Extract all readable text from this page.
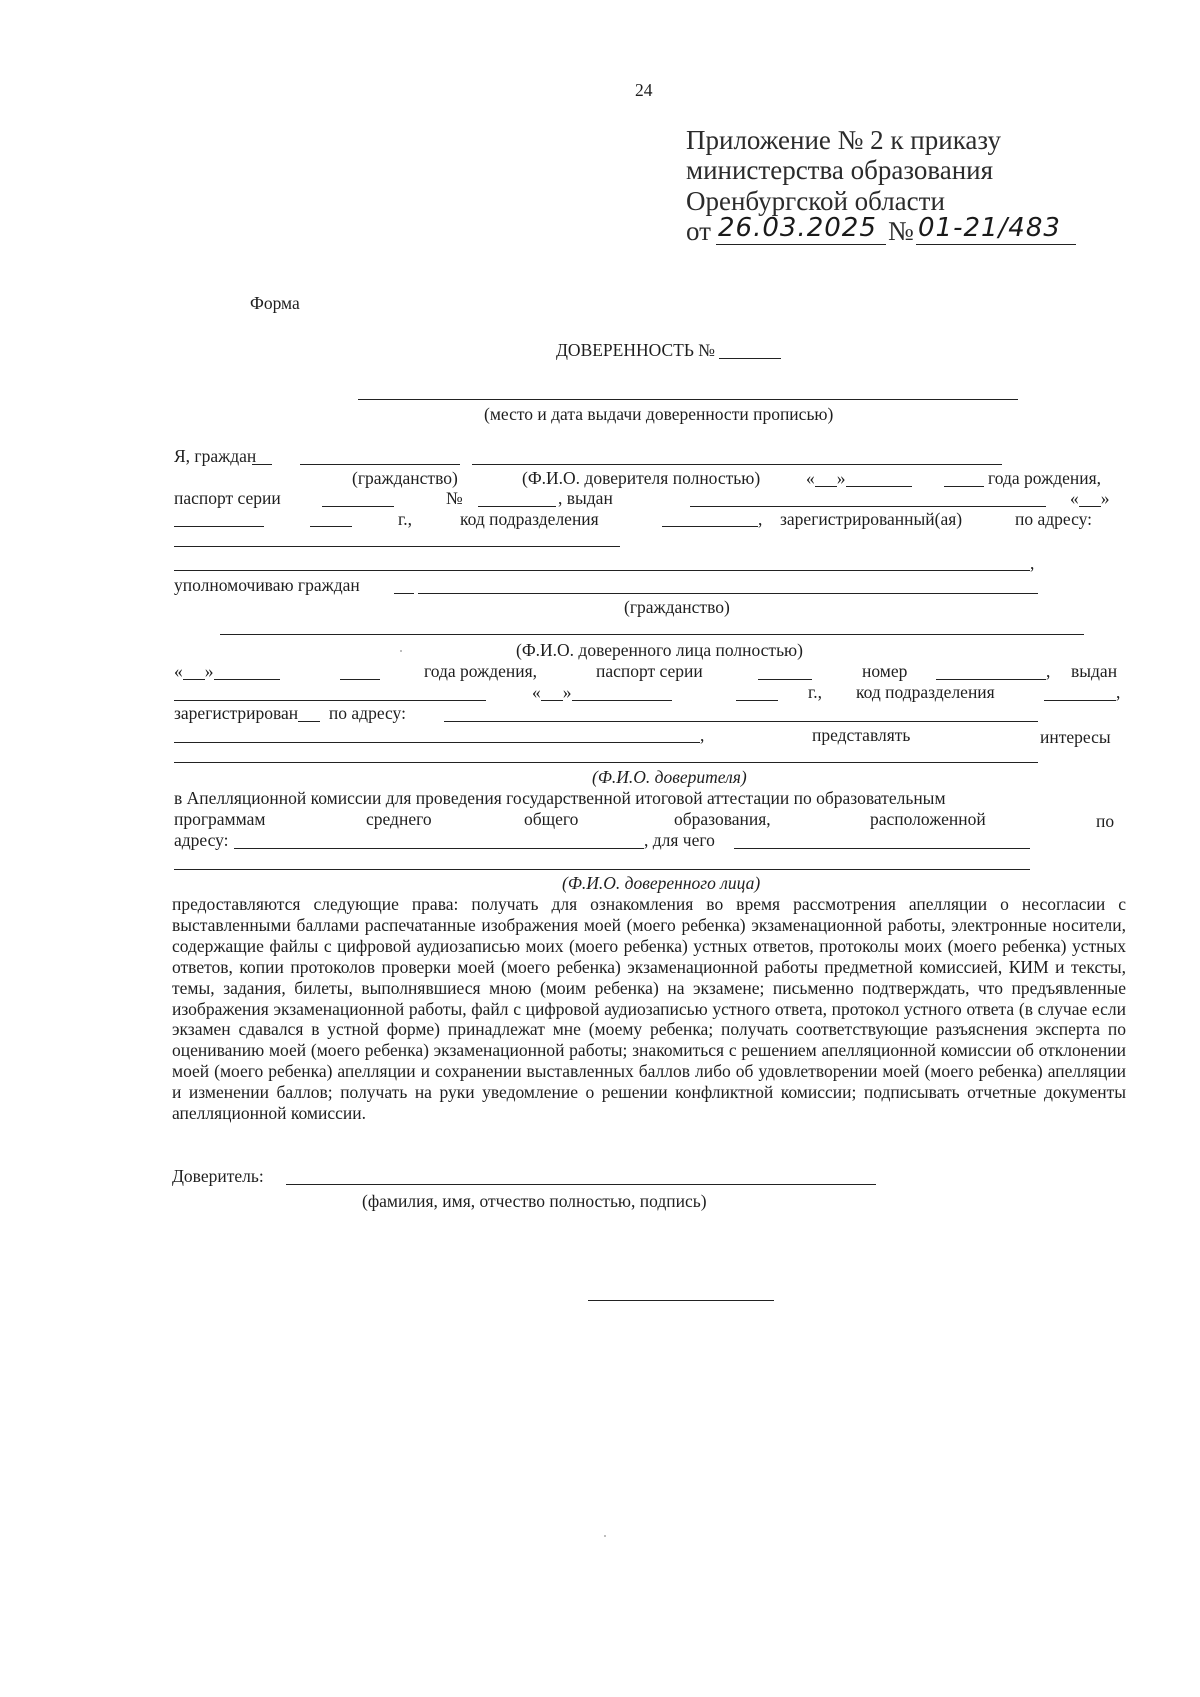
24
Приложение № 2 к приказу
министерства образования
Оренбургской области
от 26.03.2025 № 01-21/483
Форма
ДОВЕРЕННОСТЬ №
(место и дата выдачи доверенности прописью)
Я, граждан
(гражданство)	(Ф.И.О. доверителя полностью)	« »	года рождения,
паспорт серии	№	, выдан	« »
г.,	код подразделения	, зарегистрированный(ая)	по адресу:
,
уполномочиваю граждан
(гражданство)
(Ф.И.О. доверенного лица полностью)
« »	года рождения,	паспорт серии	номер	, выдан
« »	г., код подразделения	,
зарегистрирован по адресу:
,	представлять	интересы
(Ф.И.О. доверителя)
в Апелляционной комиссии для проведения государственной итоговой аттестации по образовательным
программам	среднего	общего	образования,	расположенной	по
адресу:	, для чего
(Ф.И.О. доверенного лица)

предоставляются следующие права: получать для ознакомления во время рассмотрения апелляции о несогласии с выставленными баллами распечатанные изображения моей (моего ребенка) экзаменационной работы, электронные носители, содержащие файлы с цифровой аудиозаписью моих (моего ребенка) устных ответов, протоколы моих (моего ребенка) устных ответов, копии протоколов проверки моей (моего ребенка) экзаменационной работы предметной комиссией, КИМ и тексты, темы, задания, билеты, выполнявшиеся мною (моим ребенка) на экзамене; письменно подтверждать, что предъявленные изображения экзаменационной работы, файл с цифровой аудиозаписью устного ответа, протокол устного ответа (в случае если экзамен сдавался в устной форме) принадлежат мне (моему ребенка; получать соответствующие разъяснения эксперта по оцениванию моей (моего ребенка) экзаменационной работы; знакомиться с решением апелляционной комиссии об отклонении моей (моего ребенка) апелляции и сохранении выставленных баллов либо об удовлетворении моей (моего ребенка) апелляции и изменении баллов; получать на руки уведомление о решении конфликтной комиссии; подписывать отчетные документы апелляционной комиссии.

Доверитель:
(фамилия, имя, отчество полностью, подпись)
